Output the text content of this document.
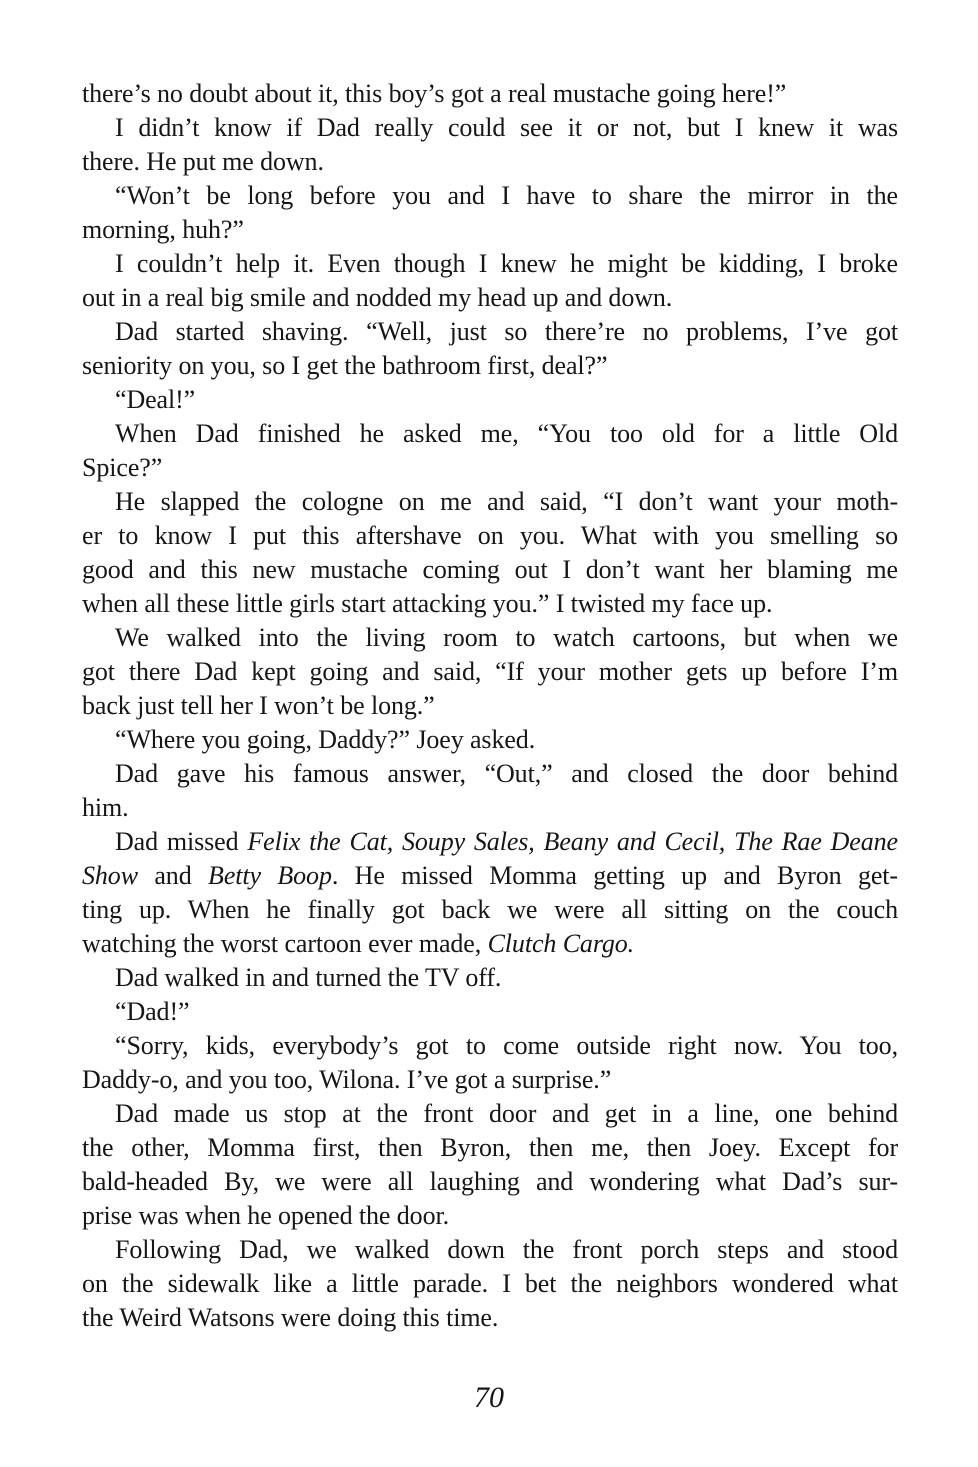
there’s no doubt about it, this boy’s got a real mustache going here!”
I didn’t know if Dad really could see it or not, but I knew it was
there. He put me down.
“Won’t be long before you and I have to share the mirror in the
morning, huh?”
I couldn’t help it. Even though I knew he might be kidding, I broke
out in a real big smile and nodded my head up and down.
Dad started shaving. “Well, just so there’re no problems, I’ve got
seniority on you, so I get the bathroom first, deal?”
“Deal!”
When Dad finished he asked me, “You too old for a little Old
Spice?”
He slapped the cologne on me and said, “I don’t want your moth-
er to know I put this aftershave on you. What with you smelling so
good and this new mustache coming out I don’t want her blaming me
when all these little girls start attacking you.” I twisted my face up.
We walked into the living room to watch cartoons, but when we
got there Dad kept going and said, “If your mother gets up before I’m
back just tell her I won’t be long.”
“Where you going, Daddy?” Joey asked.
Dad gave his famous answer, “Out,” and closed the door behind
him.
Dad missed Felix the Cat, Soupy Sales, Beany and Cecil, The Rae Deane
Show and Betty Boop. He missed Momma getting up and Byron get-
ting up. When he finally got back we were all sitting on the couch
watching the worst cartoon ever made, Clutch Cargo.
Dad walked in and turned the TV off.
“Dad!”
“Sorry, kids, everybody’s got to come outside right now. You too,
Daddy-o, and you too, Wilona. I’ve got a surprise.”
Dad made us stop at the front door and get in a line, one behind
the other, Momma first, then Byron, then me, then Joey. Except for
bald-headed By, we were all laughing and wondering what Dad’s sur-
prise was when he opened the door.
Following Dad, we walked down the front porch steps and stood
on the sidewalk like a little parade. I bet the neighbors wondered what
the Weird Watsons were doing this time.
70
